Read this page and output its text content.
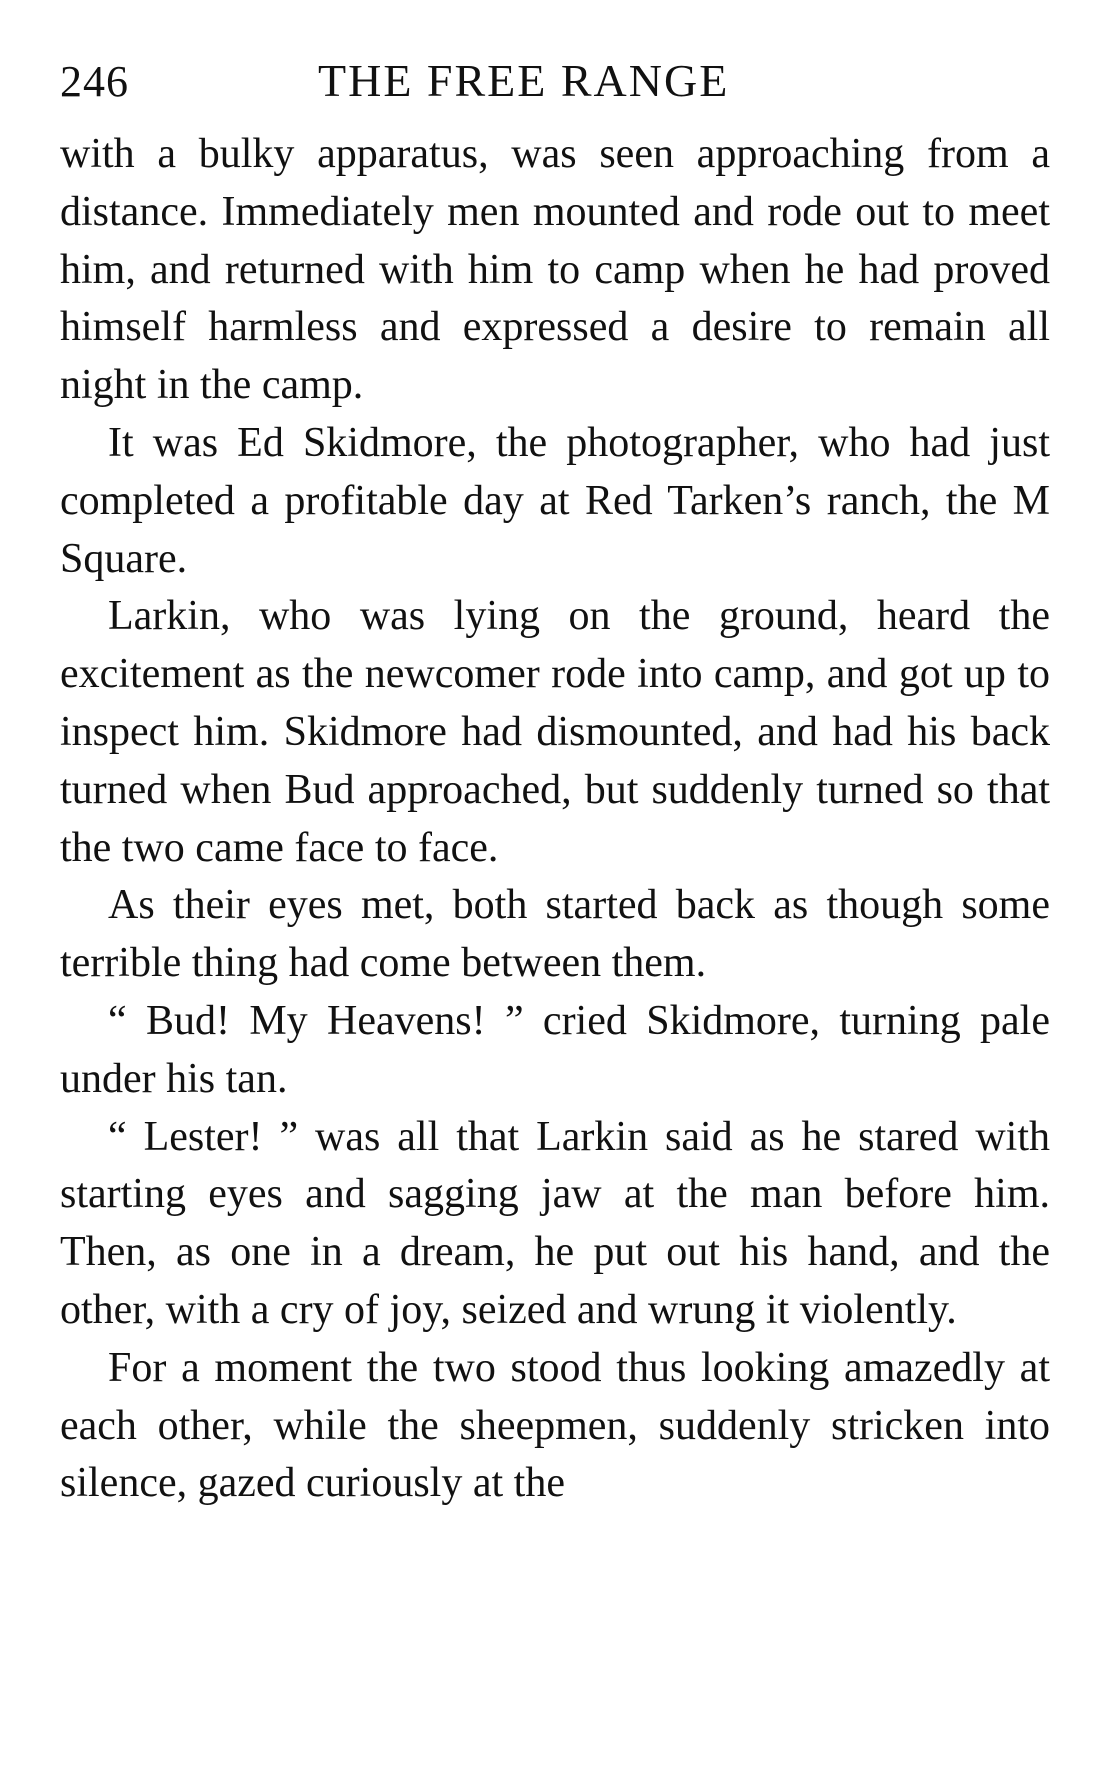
246	THE FREE RANGE

with a bulky apparatus, was seen approaching from a distance. Immediately men mounted and rode out to meet him, and returned with him to camp when he had proved himself harmless and expressed a desire to remain all night in the camp.

It was Ed Skidmore, the photographer, who had just completed a profitable day at Red Tarken’s ranch, the M Square.

Larkin, who was lying on the ground, heard the excitement as the newcomer rode into camp, and got up to inspect him. Skidmore had dismounted, and had his back turned when Bud approached, but suddenly turned so that the two came face to face.

As their eyes met, both started back as though some terrible thing had come between them.

“ Bud! My Heavens! ” cried Skidmore, turning pale under his tan.

“ Lester! ” was all that Larkin said as he stared with starting eyes and sagging jaw at the man before him. Then, as one in a dream, he put out his hand, and the other, with a cry of joy, seized and wrung it violently.

For a moment the two stood thus looking amazedly at each other, while the sheepmen, suddenly stricken into silence, gazed curiously at the
